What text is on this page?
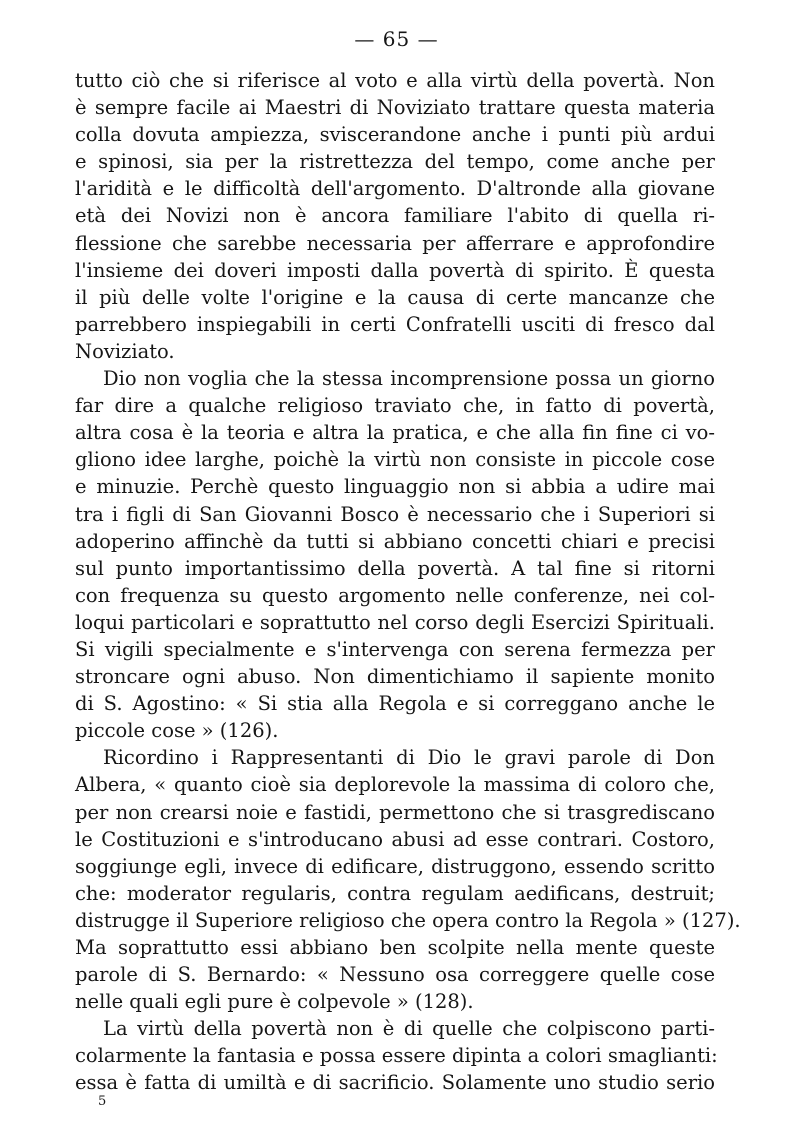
— 65 —

tutto ciò che si riferisce al voto e alla virtù della povertà. Non
è sempre facile ai Maestri di Noviziato trattare questa materia
colla dovuta ampiezza, sviscerandone anche i punti più ardui
e spinosi, sia per la ristrettezza del tempo, come anche per
l'aridità e le difficoltà dell'argomento. D'altronde alla giovane
età dei Novizi non è ancora familiare l'abito di quella ri-
flessione che sarebbe necessaria per afferrare e approfondire
l'insieme dei doveri imposti dalla povertà di spirito. È questa
il più delle volte l'origine e la causa di certe mancanze che
parrebbero inspiegabili in certi Confratelli usciti di fresco dal
Noviziato.

Dio non voglia che la stessa incomprensione possa un giorno
far dire a qualche religioso traviato che, in fatto di povertà,
altra cosa è la teoria e altra la pratica, e che alla fin fine ci vo-
gliono idee larghe, poichè la virtù non consiste in piccole cose
e minuzie. Perchè questo linguaggio non si abbia a udire mai
tra i figli di San Giovanni Bosco è necessario che i Superiori si
adoperino affinchè da tutti si abbiano concetti chiari e precisi
sul punto importantissimo della povertà. A tal fine si ritorni
con frequenza su questo argomento nelle conferenze, nei col-
loqui particolari e soprattutto nel corso degli Esercizi Spirituali.
Si vigili specialmente e s'intervenga con serena fermezza per
stroncare ogni abuso. Non dimentichiamo il sapiente monito
di S. Agostino: « Si stia alla Regola e si correggano anche le
piccole cose » (126).

Ricordino i Rappresentanti di Dio le gravi parole di Don
Albera, « quanto cioè sia deplorevole la massima di coloro che,
per non crearsi noie e fastidi, permettono che si trasgrediscano
le Costituzioni e s'introducano abusi ad esse contrari. Costoro,
soggiunge egli, invece di edificare, distruggono, essendo scritto
che: moderator regularis, contra regulam aedificans, destruit;
distrugge il Superiore religioso che opera contro la Regola » (127).
Ma soprattutto essi abbiano ben scolpite nella mente queste
parole di S. Bernardo: « Nessuno osa correggere quelle cose
nelle quali egli pure è colpevole » (128).

La virtù della povertà non è di quelle che colpiscono parti-
colarmente la fantasia e possa essere dipinta a colori smaglianti:
essa è fatta di umiltà e di sacrificio. Solamente uno studio serio

5
